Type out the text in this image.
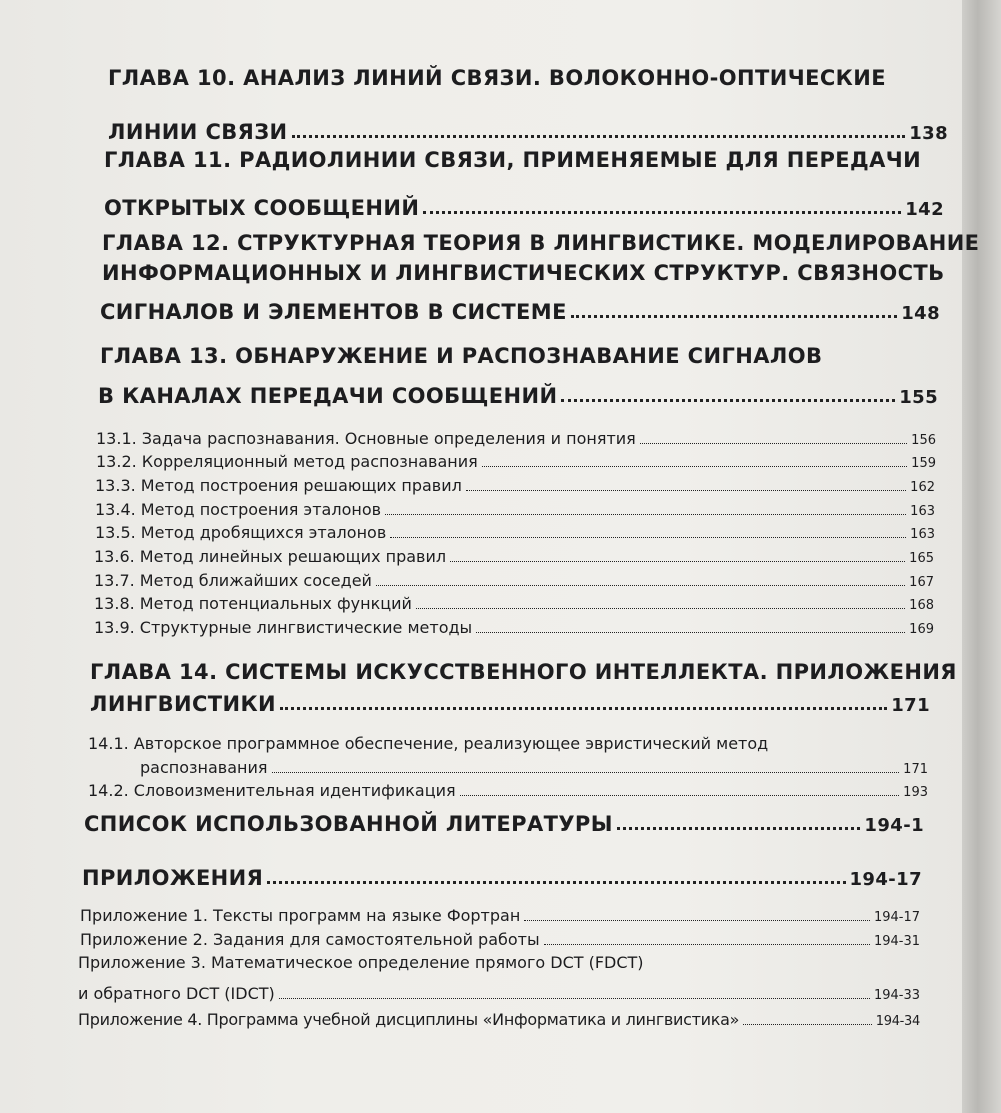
ГЛАВА 10. АНАЛИЗ ЛИНИЙ СВЯЗИ. ВОЛОКОННО-ОПТИЧЕСКИЕ
ЛИНИИ СВЯЗИ	138
ГЛАВА 11. РАДИОЛИНИИ СВЯЗИ, ПРИМЕНЯЕМЫЕ ДЛЯ ПЕРЕДАЧИ
ОТКРЫТЫХ СООБЩЕНИЙ	142
ГЛАВА 12. СТРУКТУРНАЯ ТЕОРИЯ В ЛИНГВИСТИКЕ. МОДЕЛИРОВАНИЕ
ИНФОРМАЦИОННЫХ И ЛИНГВИСТИЧЕСКИХ СТРУКТУР. СВЯЗНОСТЬ
СИГНАЛОВ И ЭЛЕМЕНТОВ В СИСТЕМЕ	148
ГЛАВА 13. ОБНАРУЖЕНИЕ И РАСПОЗНАВАНИЕ СИГНАЛОВ
В КАНАЛАХ ПЕРЕДАЧИ СООБЩЕНИЙ	155
13.1. Задача распознавания. Основные определения и понятия	156
13.2. Корреляционный метод распознавания	159
13.3. Метод построения решающих правил	162
13.4. Метод построения эталонов	163
13.5. Метод дробящихся эталонов	163
13.6. Метод линейных решающих правил	165
13.7. Метод ближайших соседей	167
13.8. Метод потенциальных функций	168
13.9. Структурные лингвистические методы	169
ГЛАВА 14. СИСТЕМЫ ИСКУССТВЕННОГО ИНТЕЛЛЕКТА. ПРИЛОЖЕНИЯ
ЛИНГВИСТИКИ	171
14.1. Авторское программное обеспечение, реализующее эвристический метод
распознавания	171
14.2. Словоизменительная идентификация	193
СПИСОК ИСПОЛЬЗОВАННОЙ ЛИТЕРАТУРЫ	194-1
ПРИЛОЖЕНИЯ	194-17
Приложение 1. Тексты программ на языке Фортран	194-17
Приложение 2. Задания для самостоятельной работы	194-31
Приложение 3. Математическое определение прямого DCT (FDCT)
и обратного DCT (IDCT)	194-33
Приложение 4. Программа учебной дисциплины «Информатика и лингвистика»	194-34
